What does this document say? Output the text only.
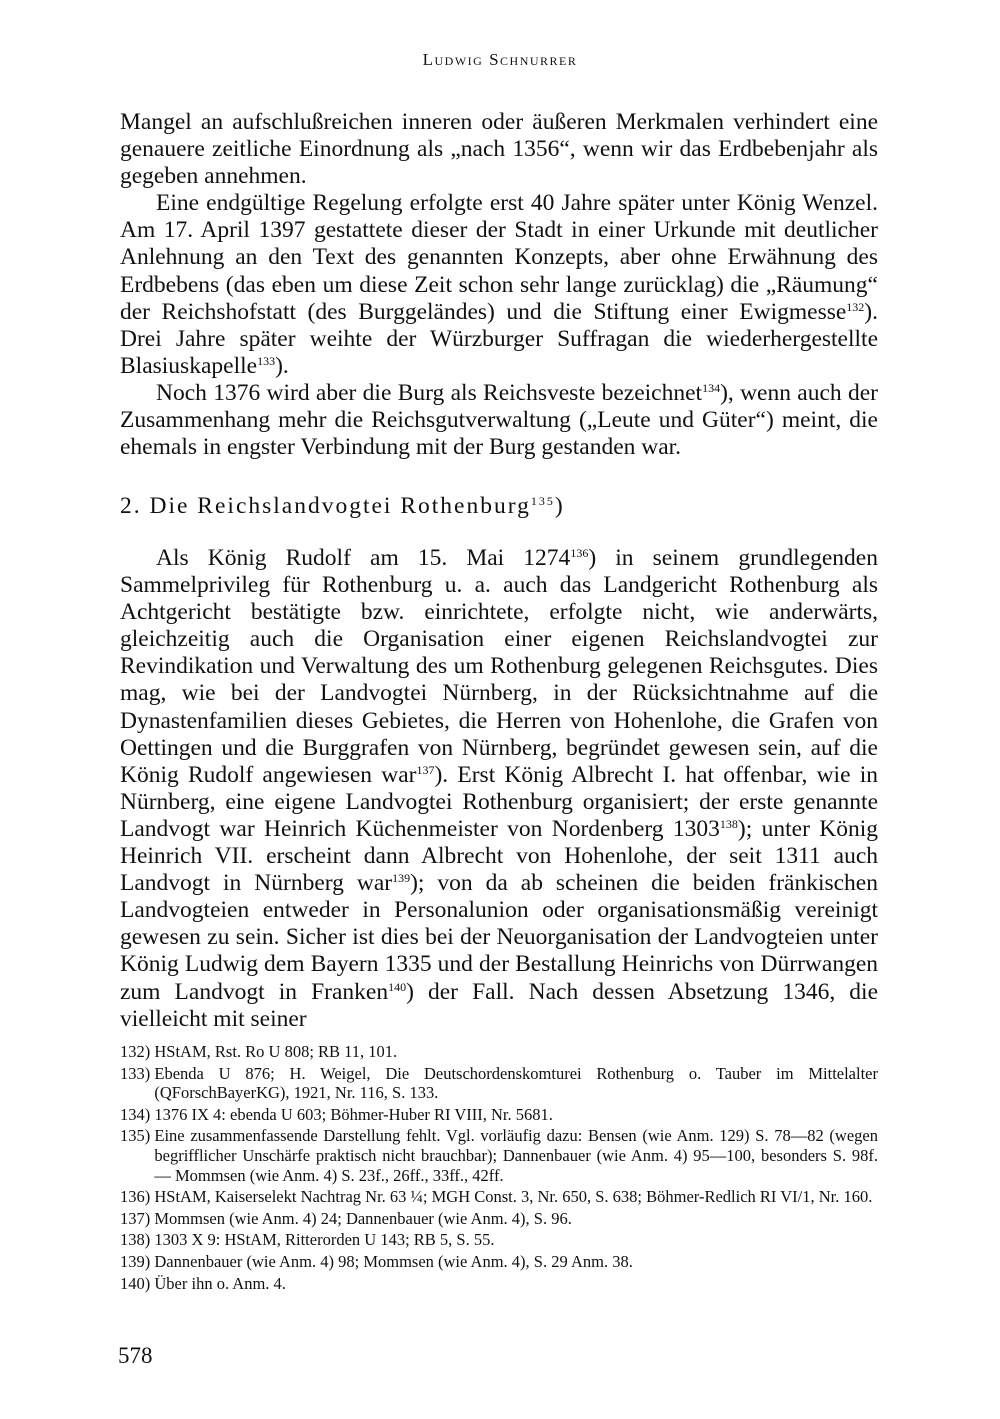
Ludwig Schnurrer

Mangel an aufschlußreichen inneren oder äußeren Merkmalen verhindert eine genauere zeitliche Einordnung als „nach 1356“, wenn wir das Erdbebenjahr als gegeben annehmen.

Eine endgültige Regelung erfolgte erst 40 Jahre später unter König Wenzel. Am 17. April 1397 gestattete dieser der Stadt in einer Urkunde mit deutlicher Anlehnung an den Text des genannten Konzepts, aber ohne Erwähnung des Erdbebens (das eben um diese Zeit schon sehr lange zurücklag) die „Räumung“ der Reichshofstatt (des Burggeländes) und die Stiftung einer Ewigmesse$^{132}$). Drei Jahre später weihte der Würzburger Suffragan die wiederhergestellte Blasiuskapelle$^{133}$).

Noch 1376 wird aber die Burg als Reichsveste bezeichnet$^{134}$), wenn auch der Zusammenhang mehr die Reichsgutverwaltung („Leute und Güter“) meint, die ehemals in engster Verbindung mit der Burg gestanden war.

2. Die Reichslandvogtei Rothenburg$^{135}$)

Als König Rudolf am 15. Mai 1274$^{136}$) in seinem grundlegenden Sammelprivileg für Rothenburg u. a. auch das Landgericht Rothenburg als Achtgericht bestätigte bzw. einrichtete, erfolgte nicht, wie anderwärts, gleichzeitig auch die Organisation einer eigenen Reichslandvogtei zur Revindikation und Verwaltung des um Rothenburg gelegenen Reichsgutes. Dies mag, wie bei der Landvogtei Nürnberg, in der Rücksichtnahme auf die Dynastenfamilien dieses Gebietes, die Herren von Hohenlohe, die Grafen von Oettingen und die Burggrafen von Nürnberg, begründet gewesen sein, auf die König Rudolf angewiesen war$^{137}$). Erst König Albrecht I. hat offenbar, wie in Nürnberg, eine eigene Landvogtei Rothenburg organisiert; der erste genannte Landvogt war Heinrich Küchenmeister von Nordenberg 1303$^{138}$); unter König Heinrich VII. erscheint dann Albrecht von Hohenlohe, der seit 1311 auch Landvogt in Nürnberg war$^{139}$); von da ab scheinen die beiden fränkischen Landvogteien entweder in Personalunion oder organisationsmäßig vereinigt gewesen zu sein. Sicher ist dies bei der Neuorganisation der Landvogteien unter König Ludwig dem Bayern 1335 und der Bestallung Heinrichs von Dürrwangen zum Landvogt in Franken$^{140}$) der Fall. Nach dessen Absetzung 1346, die vielleicht mit seiner

132)
HStAM, Rst. Ro U 808; RB 11, 101.
133)
Ebenda U 876; H. Weigel, Die Deutschordenskomturei Rothenburg o. Tauber im Mittelalter (QForschBayerKG), 1921, Nr. 116, S. 133.
134)
1376 IX 4: ebenda U 603; Böhmer-Huber RI VIII, Nr. 5681.
135)
Eine zusammenfassende Darstellung fehlt. Vgl. vorläufig dazu: Bensen (wie Anm. 129) S. 78—82 (wegen begrifflicher Unschärfe praktisch nicht brauchbar); Dannenbauer (wie Anm. 4) 95—100, besonders S. 98f. — Mommsen (wie Anm. 4) S. 23f., 26ff., 33ff., 42ff.
136)
HStAM, Kaiserselekt Nachtrag Nr. 63 ¼; MGH Const. 3, Nr. 650, S. 638; Böhmer-Redlich RI VI/1, Nr. 160.
137)
Mommsen (wie Anm. 4) 24; Dannenbauer (wie Anm. 4), S. 96.
138)
1303 X 9: HStAM, Ritterorden U 143; RB 5, S. 55.
139)
Dannenbauer (wie Anm. 4) 98; Mommsen (wie Anm. 4), S. 29 Anm. 38.
140)
Über ihn o. Anm. 4.
578
